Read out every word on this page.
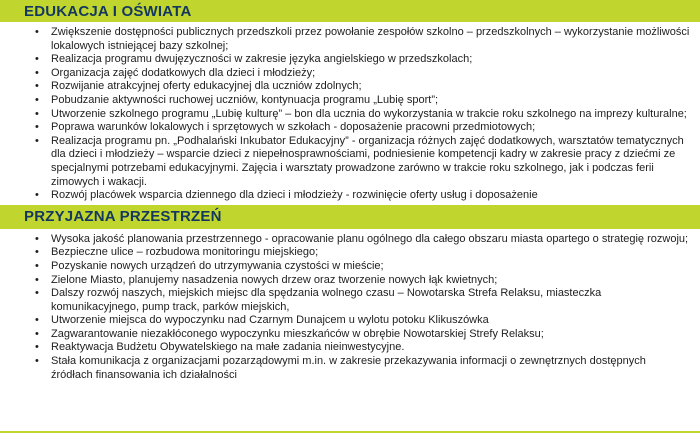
EDUKACJA I OŚWIATA
• Zwiększenie dostępności publicznych przedszkoli przez powołanie zespołów szkolno – przedszkolnych – wykorzystanie możliwości lokalowych istniejącej bazy szkolnej;
• Realizacja programu dwujęzyczności w zakresie języka angielskiego w przedszkolach;
• Organizacja zajęć dodatkowych dla dzieci i młodzieży;
• Rozwijanie atrakcyjnej oferty edukacyjnej dla uczniów zdolnych;
• Pobudzanie aktywności ruchowej uczniów, kontynuacja programu „Lubię sport”;
• Utworzenie szkolnego programu „Lubię kulturę” – bon dla ucznia do wykorzystania w trakcie roku szkolnego na imprezy kulturalne;
• Poprawa warunków lokalowych i sprzętowych w szkołach - doposażenie pracowni przedmiotowych;
• Realizacja programu pn. „Podhalański Inkubator Edukacyjny” - organizacja różnych zajęć dodatkowych, warsztatów tematycznych dla dzieci i młodzieży – wsparcie dzieci z niepełnosprawnościami, podniesienie kompetencji kadry w zakresie pracy z dziećmi ze specjalnymi potrzebami edukacyjnymi. Zajęcia i warsztaty prowadzone zarówno w trakcie roku szkolnego, jak i podczas ferii zimowych i wakacji.
• Rozwój placówek wsparcia dziennego dla dzieci i młodzieży - rozwinięcie oferty usług i doposażenie
PRZYJAZNA PRZESTRZEŃ
• Wysoka jakość planowania przestrzennego - opracowanie planu ogólnego dla całego obszaru miasta opartego o strategię rozwoju;
• Bezpieczne ulice – rozbudowa monitoringu miejskiego;
• Pozyskanie nowych urządzeń do utrzymywania czystości w mieście;
• Zielone Miasto, planujemy nasadzenia nowych drzew oraz tworzenie nowych łąk kwietnych;
• Dalszy rozwój naszych, miejskich miejsc dla spędzania wolnego czasu – Nowotarska Strefa Relaksu, miasteczka komunikacyjnego, pump track, parków miejskich,
• Utworzenie miejsca do wypoczynku nad Czarnym Dunajcem u wylotu potoku Klikuszówka
• Zagwarantowanie niezakłóconego wypoczynku mieszkańców w obrębie Nowotarskiej Strefy Relaksu;
• Reaktywacja Budżetu Obywatelskiego na małe zadania nieinwestycyjne.
• Stała komunikacja z organizacjami pozarządowymi m.in. w zakresie przekazywania informacji o zewnętrznych dostępnych źródłach finansowania ich działalności
